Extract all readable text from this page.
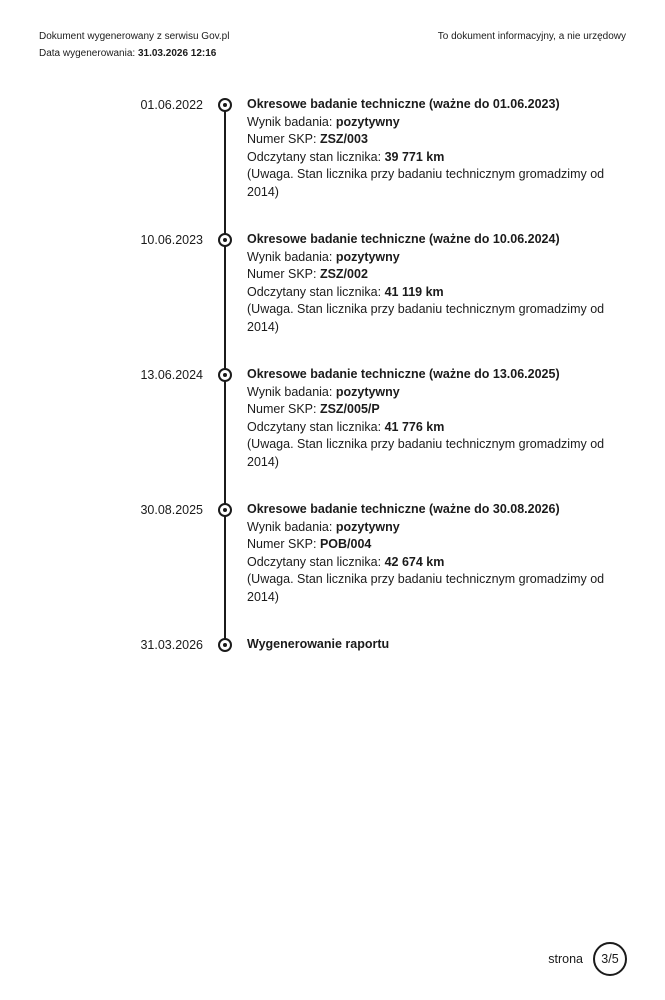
Dokument wygenerowany z serwisu Gov.pl
Data wygenerowania: 31.03.2026 12:16
To dokument informacyjny, a nie urzędowy
01.06.2022	Okresowe badanie techniczne (ważne do 01.06.2023)
Wynik badania: pozytywny
Numer SKP: ZSZ/003
Odczytany stan licznika: 39 771 km
(Uwaga. Stan licznika przy badaniu technicznym gromadzimy od
2014)
10.06.2023	Okresowe badanie techniczne (ważne do 10.06.2024)
Wynik badania: pozytywny
Numer SKP: ZSZ/002
Odczytany stan licznika: 41 119 km
(Uwaga. Stan licznika przy badaniu technicznym gromadzimy od
2014)
13.06.2024	Okresowe badanie techniczne (ważne do 13.06.2025)
Wynik badania: pozytywny
Numer SKP: ZSZ/005/P
Odczytany stan licznika: 41 776 km
(Uwaga. Stan licznika przy badaniu technicznym gromadzimy od
2014)
30.08.2025	Okresowe badanie techniczne (ważne do 30.08.2026)
Wynik badania: pozytywny
Numer SKP: POB/004
Odczytany stan licznika: 42 674 km
(Uwaga. Stan licznika przy badaniu technicznym gromadzimy od
2014)
31.03.2026	Wygenerowanie raportu
strona 3/5
